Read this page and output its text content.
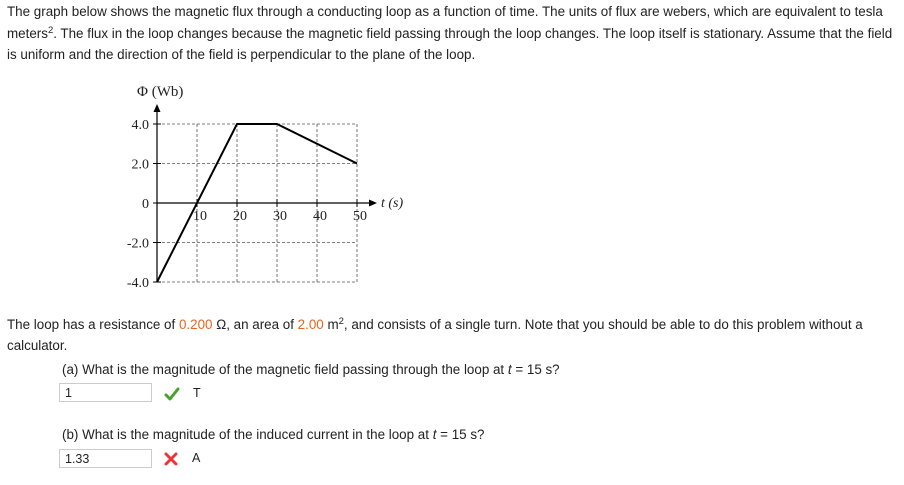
The graph below shows the magnetic flux through a conducting loop as a function of time. The units of flux are webers, which are equivalent to tesla meters$^2$. The flux in the loop changes because the magnetic field passing through the loop changes. The loop itself is stationary. Assume that the field is uniform and the direction of the field is perpendicular to the plane of the loop.
4.0
2.0
0
-2.0
-4.0
10 20 30 40 50
Φ (Wb)
t (s)
The loop has a resistance of 0.200 Ω, an area of 2.00 $m^2$, and consists of a single turn. Note that you should be able to do this problem without a calculator.
(a) What is the magnitude of the magnetic field passing through the loop at t = 15 s?
1	T
(b) What is the magnitude of the induced current in the loop at t = 15 s?
1.33	A
